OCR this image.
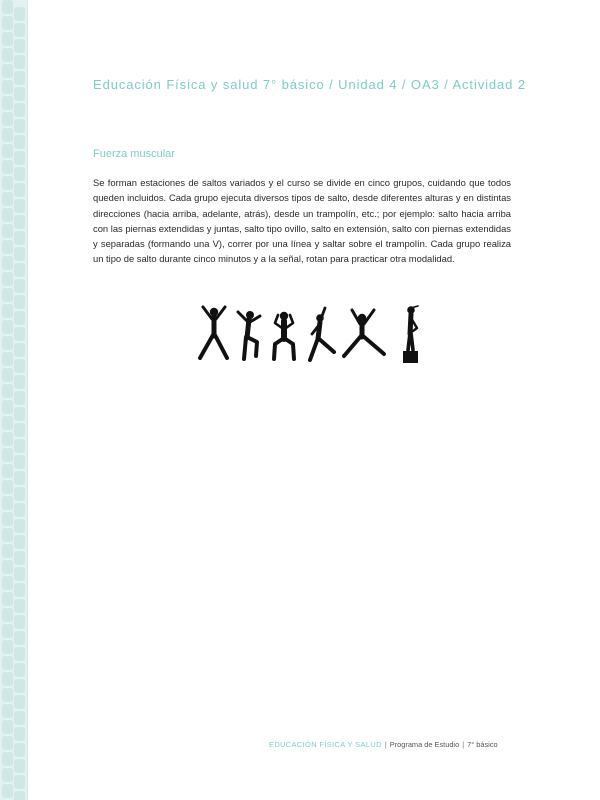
Educación Física y salud 7° básico / Unidad 4 / OA3 / Actividad 2
Fuerza muscular

Se forman estaciones de saltos variados y el curso se divide en cinco grupos, cuidando que todos queden incluidos. Cada grupo ejecuta diversos tipos de salto, desde diferentes alturas y en distintas direcciones (hacia arriba, adelante, atrás), desde un trampolín, etc.; por ejemplo: salto hacia arriba con las piernas extendidas y juntas, salto tipo ovillo, salto en extensión, salto con piernas extendidas y separadas (formando una V), correr por una línea y saltar sobre el trampolín. Cada grupo realiza un tipo de salto durante cinco minutos y a la señal, rotan para practicar otra modalidad.

EDUCACIÓN FÍSICA Y SALUD | Programa de Estudio | 7° básico
